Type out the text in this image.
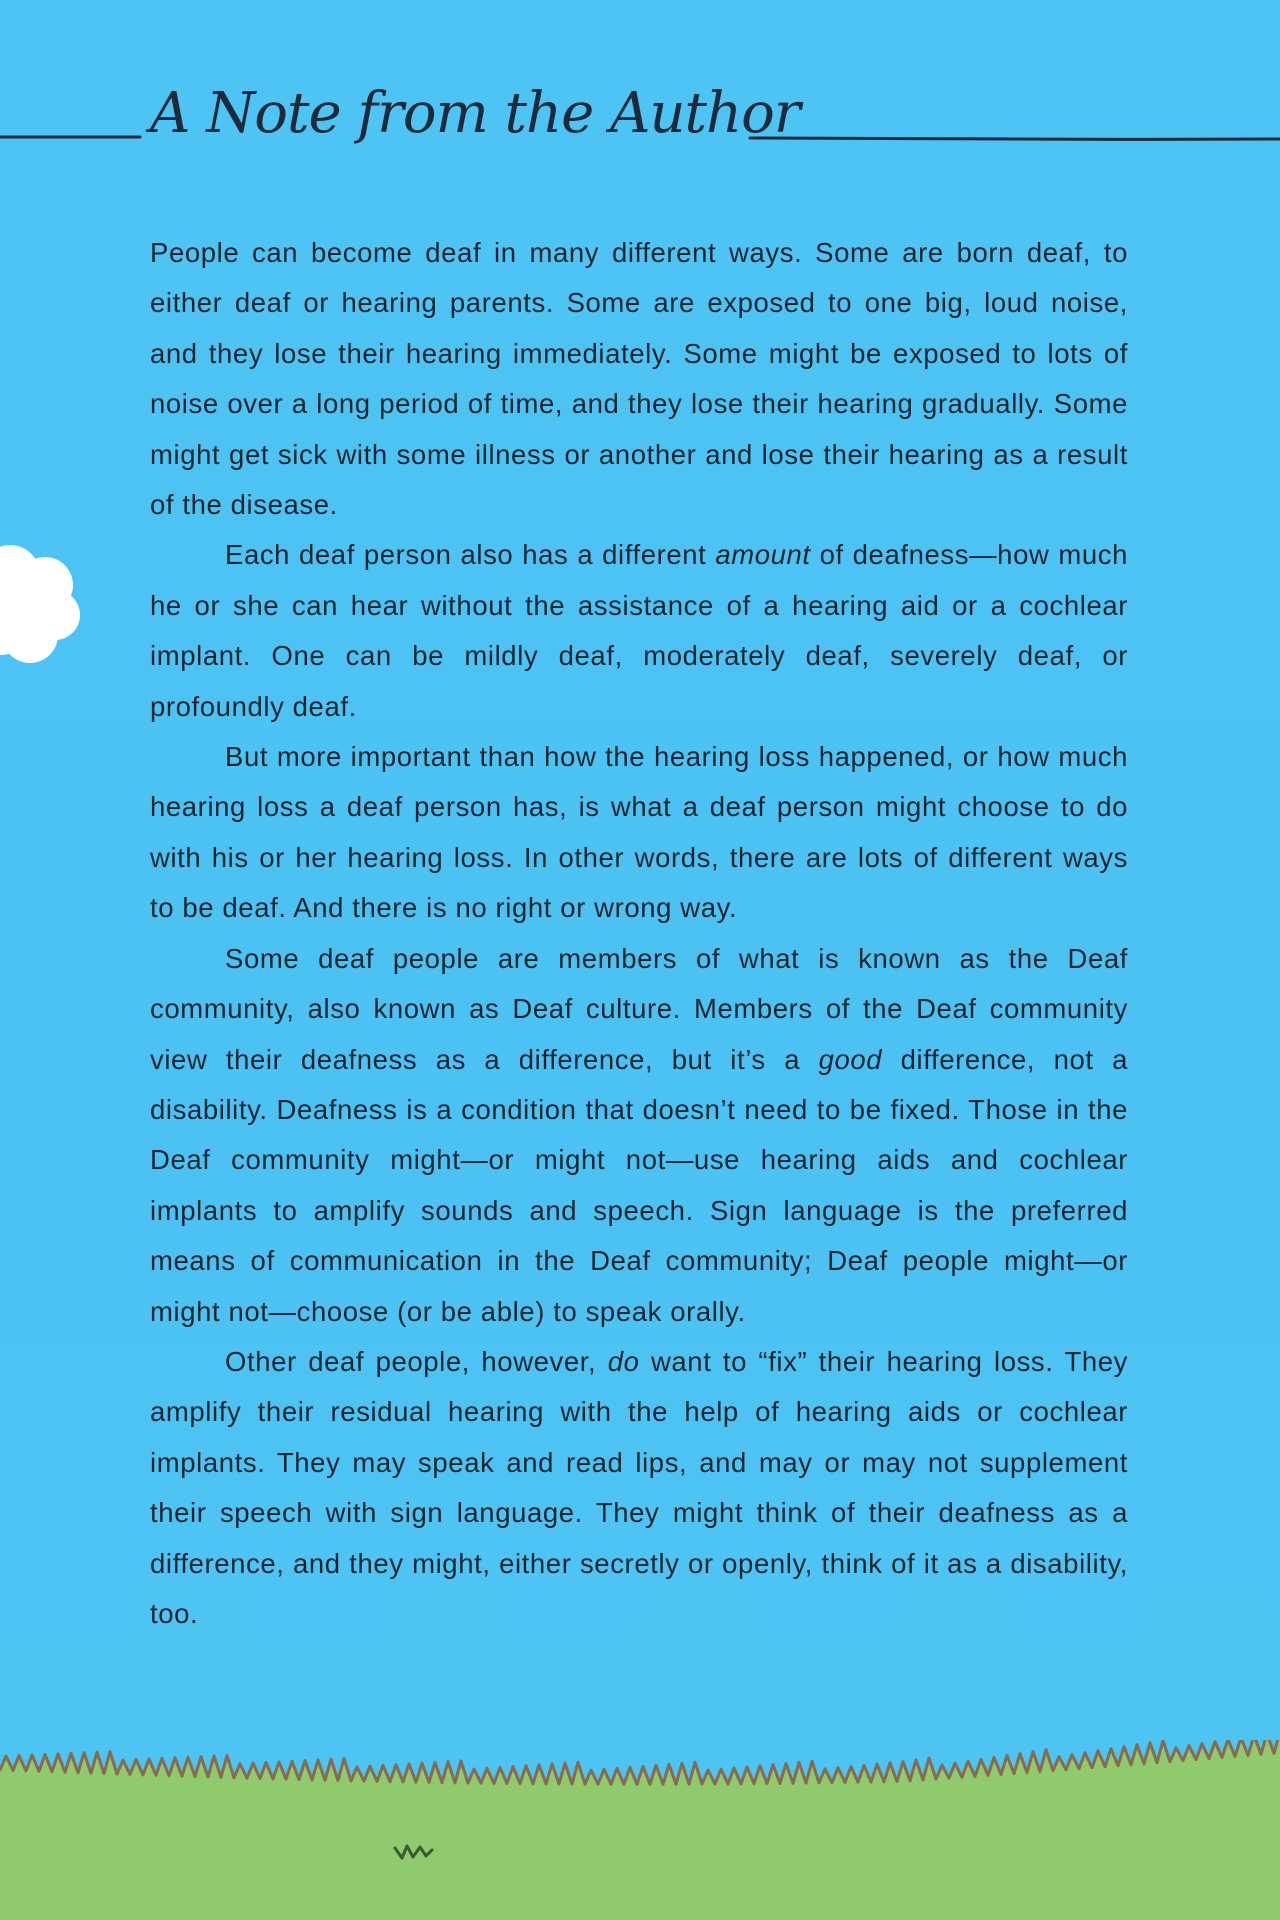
A Note from the Author

People can become deaf in many different ways. Some are born deaf, to either deaf or hearing parents. Some are exposed to one big, loud noise, and they lose their hearing immediately. Some might be exposed to lots of noise over a long period of time, and they lose their hearing gradually. Some might get sick with some illness or another and lose their hearing as a result of the disease.

Each deaf person also has a different amount of deafness—how much he or she can hear without the assistance of a hearing aid or a cochlear implant. One can be mildly deaf, moderately deaf, severely deaf, or profoundly deaf.

But more important than how the hearing loss happened, or how much hearing loss a deaf person has, is what a deaf person might choose to do with his or her hearing loss. In other words, there are lots of different ways to be deaf. And there is no right or wrong way.

Some deaf people are members of what is known as the Deaf community, also known as Deaf culture. Members of the Deaf community view their deafness as a difference, but it’s a good difference, not a disability. Deafness is a condition that doesn’t need to be fixed. Those in the Deaf community might—or might not—use hearing aids and cochlear implants to amplify sounds and speech. Sign language is the preferred means of communication in the Deaf community; Deaf people might—or might not—choose (or be able) to speak orally.

Other deaf people, however, do want to “fix” their hearing loss. They amplify their residual hearing with the help of hearing aids or cochlear implants. They may speak and read lips, and may or may not supplement their speech with sign language. They might think of their deafness as a difference, and they might, either secretly or openly, think of it as a disability, too.
